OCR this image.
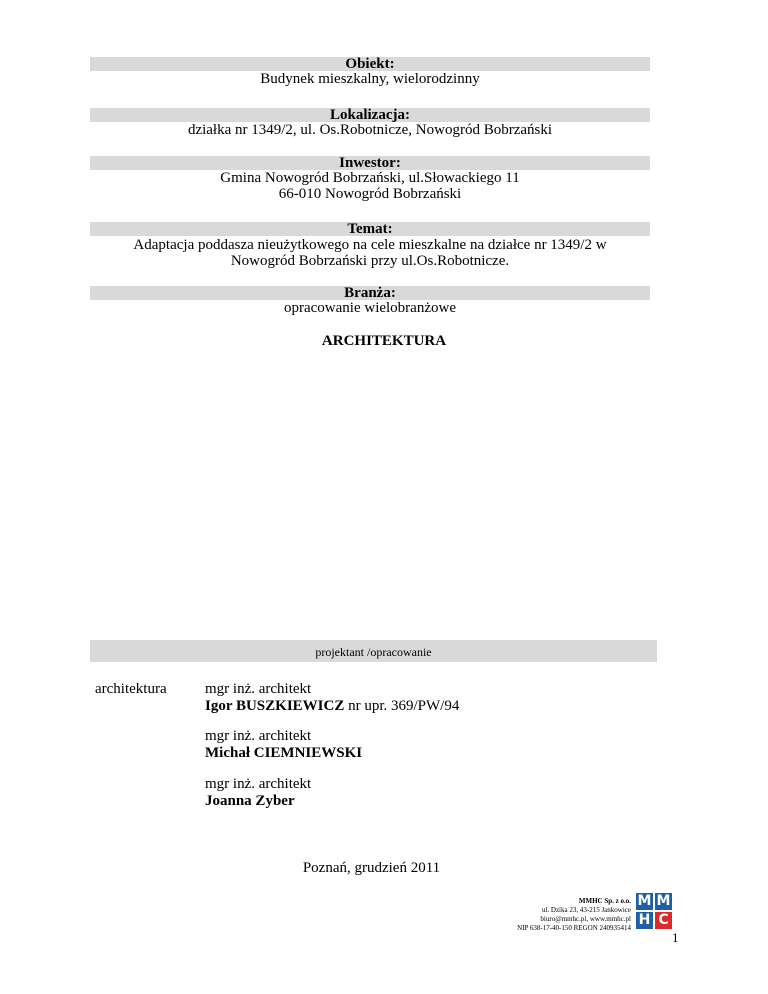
Obiekt:
Budynek mieszkalny, wielorodzinny
Lokalizacja:
działka nr 1349/2, ul. Os.Robotnicze, Nowogród Bobrzański
Inwestor:
Gmina Nowogród Bobrzański, ul.Słowackiego 11
66-010 Nowogród Bobrzański
Temat:
Adaptacja poddasza nieużytkowego na cele mieszkalne na działce nr 1349/2 w
Nowogród Bobrzański przy ul.Os.Robotnicze.
Branża:
opracowanie wielobranżowe
ARCHITEKTURA
projektant /opracowanie
architektura	mgr inż. architekt
Igor BUSZKIEWICZ nr upr. 369/PW/94
mgr inż. architekt
Michał CIEMNIEWSKI
mgr inż. architekt
Joanna Zyber
Poznań, grudzień 2011
MMHC Sp. z o.o.
ul. Dzika 23, 43-215 Jankowice
biuro@mmhc.pl, www.mmhc.pl
NIP 638-17-40-150 REGON 240935414
M M
H C
1
